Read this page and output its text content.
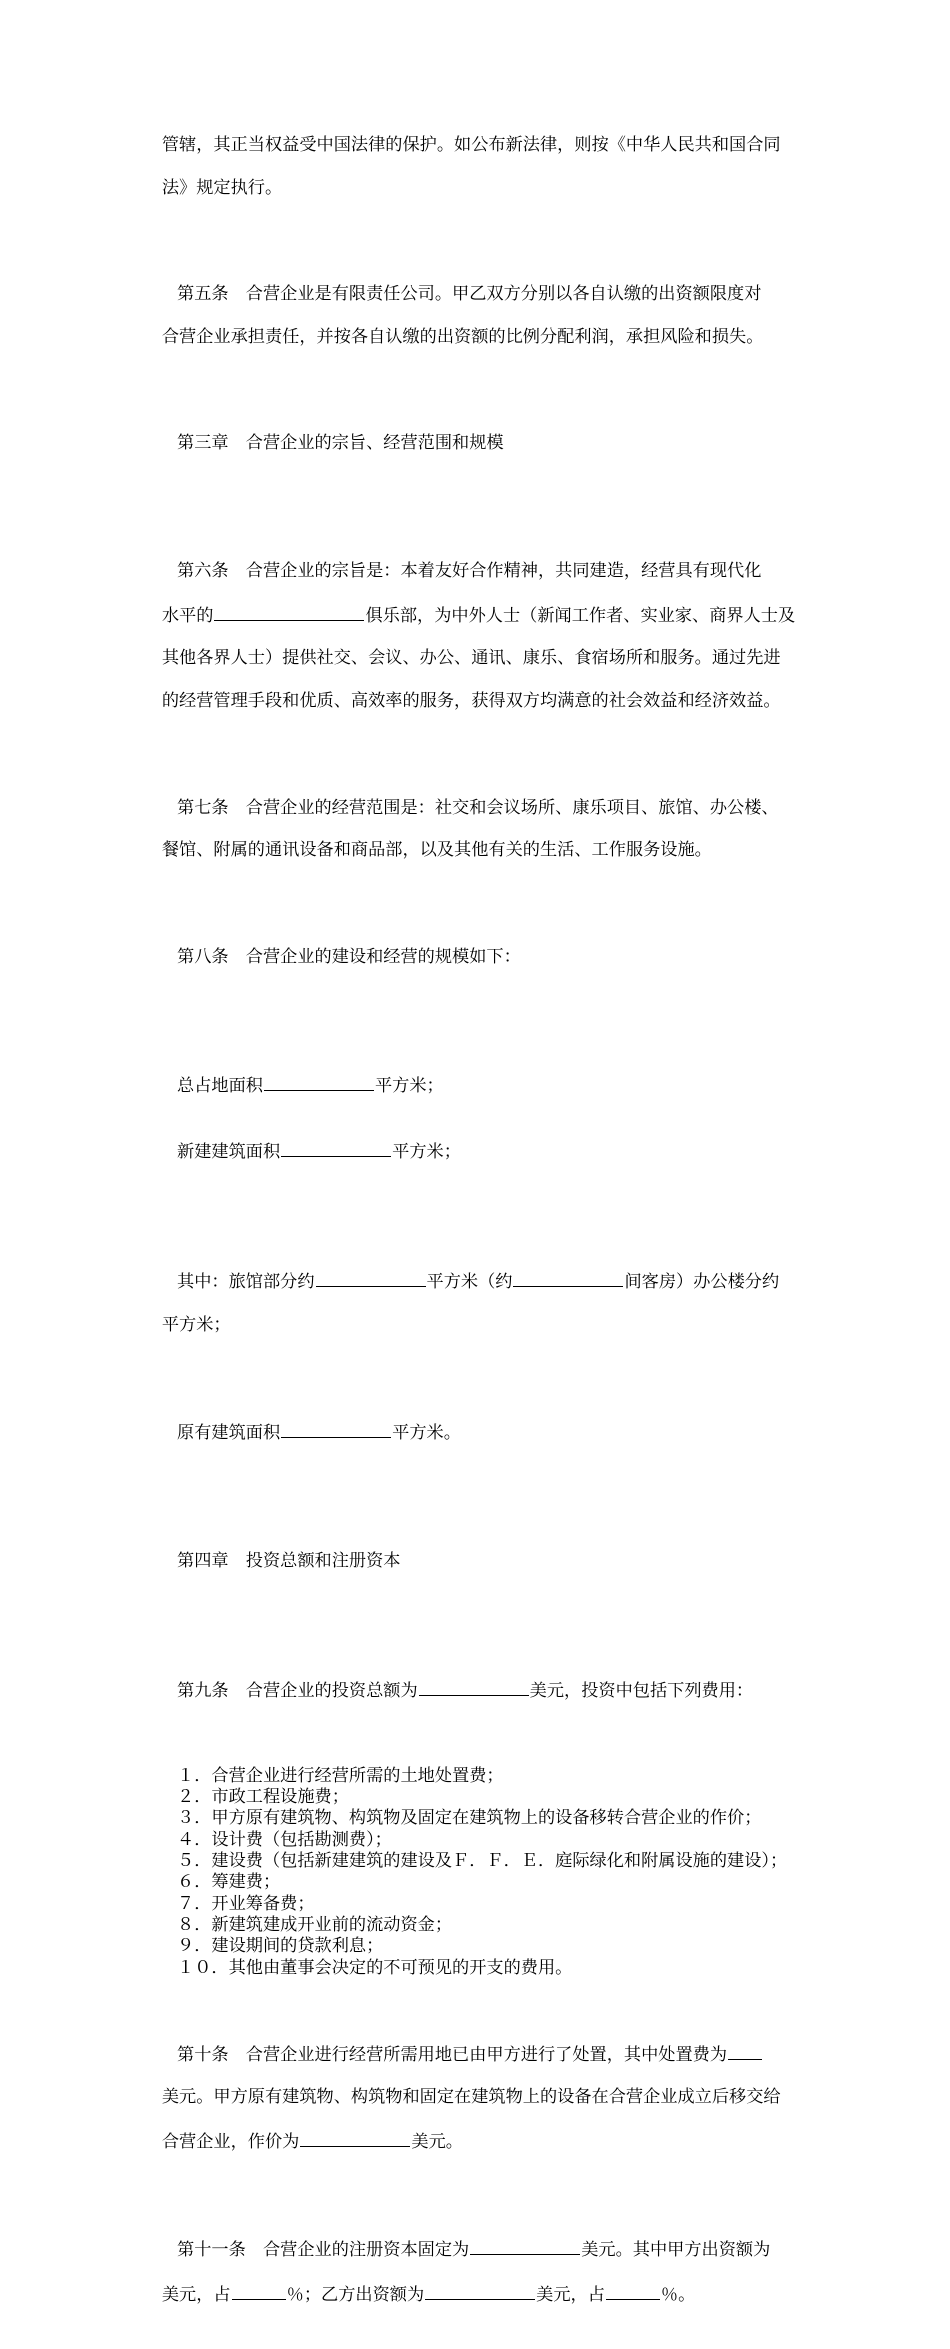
管辖，其正当权益受中国法律的保护。如公布新法律，则按《中华人民共和国合同

法》规定执行。

第五条　合营企业是有限责任公司。甲乙双方分别以各自认缴的出资额限度对

合营企业承担责任，并按各自认缴的出资额的比例分配利润，承担风险和损失。

第三章　合营企业的宗旨、经营范围和规模

第六条　合营企业的宗旨是：本着友好合作精神，共同建造，经营具有现代化

水平的	俱乐部，为中外人士（新闻工作者、实业家、商界人士及

其他各界人士）提供社交、会议、办公、通讯、康乐、食宿场所和服务。通过先进

的经营管理手段和优质、高效率的服务，获得双方均满意的社会效益和经济效益。

第七条　合营企业的经营范围是：社交和会议场所、康乐项目、旅馆、办公楼、

餐馆、附属的通讯设备和商品部，以及其他有关的生活、工作服务设施。

第八条　合营企业的建设和经营的规模如下：

总占地面积	平方米；

新建建筑面积	平方米；

其中：旅馆部分约	平方米（约	间客房）办公楼分约

平方米；

原有建筑面积	平方米。

第四章　投资总额和注册资本

第九条　合营企业的投资总额为	美元，投资中包括下列费用：

１．合营企业进行经营所需的土地处置费；
２．市政工程设施费；
３．甲方原有建筑物、构筑物及固定在建筑物上的设备移转合营企业的作价；
４．设计费（包括勘测费）；
５．建设费（包括新建建筑的建设及Ｆ．Ｆ．Ｅ．庭际绿化和附属设施的建设）；
６．筹建费；
７．开业筹备费；
８．新建筑建成开业前的流动资金；
９．建设期间的贷款利息；
１０．其他由董事会决定的不可预见的开支的费用。

第十条　合营企业进行经营所需用地已由甲方进行了处置，其中处置费为

美元。甲方原有建筑物、构筑物和固定在建筑物上的设备在合营企业成立后移交给

合营企业，作价为	美元。

第十一条　合营企业的注册资本固定为	美元。其中甲方出资额为

美元，占	％；乙方出资额为	美元，占	％。
